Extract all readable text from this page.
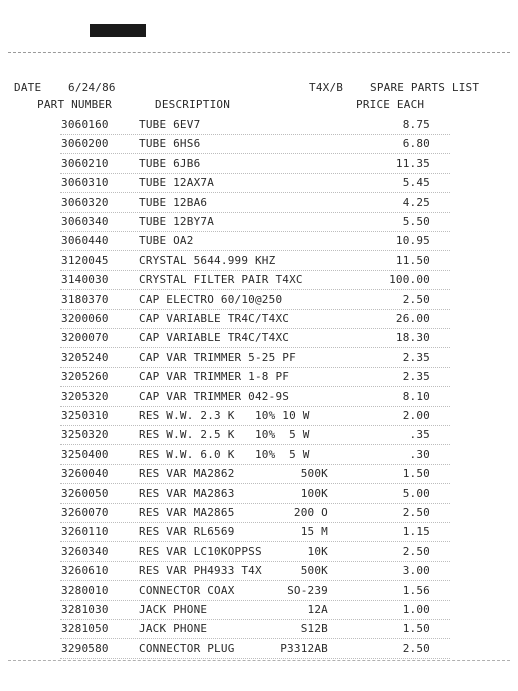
DATE 6/24/86	T4X/B SPARE PARTS LIST
PART NUMBER	DESCRIPTION	PRICE EACH
3060160	TUBE 6EV7	8.75
3060200	TUBE 6HS6	6.80
3060210	TUBE 6JB6	11.35
3060310	TUBE 12AX7A	5.45
3060320	TUBE 12BA6	4.25
3060340	TUBE 12BY7A	5.50
3060440	TUBE OA2	10.95
3120045	CRYSTAL 5644.999 KHZ	11.50
3140030	CRYSTAL FILTER PAIR T4XC	100.00
3180370	CAP ELECTRO 60/10@250	2.50
3200060	CAP VARIABLE TR4C/T4XC	26.00
3200070	CAP VARIABLE TR4C/T4XC	18.30
3205240	CAP VAR TRIMMER 5-25 PF	2.35
3205260	CAP VAR TRIMMER 1-8 PF	2.35
3205320	CAP VAR TRIMMER 042-9S	8.10
3250310	RES W.W. 2.3 K   10% 10 W	2.00
3250320	RES W.W. 2.5 K   10%  5 W	.35
3250400	RES W.W. 6.0 K   10%  5 W	.30
3260040	RES VAR MA2862	500K	1.50
3260050	RES VAR MA2863	100K	5.00
3260070	RES VAR MA2865	200 O	2.50
3260110	RES VAR RL6569	15 M	1.15
3260340	RES VAR LC10KOPPSS	10K	2.50
3260610	RES VAR PH4933 T4X	500K	3.00
3280010	CONNECTOR COAX	SO-239	1.56
3281030	JACK PHONE	12A	1.00
3281050	JACK PHONE	S12B	1.50
3290580	CONNECTOR PLUG	P3312AB	2.50
